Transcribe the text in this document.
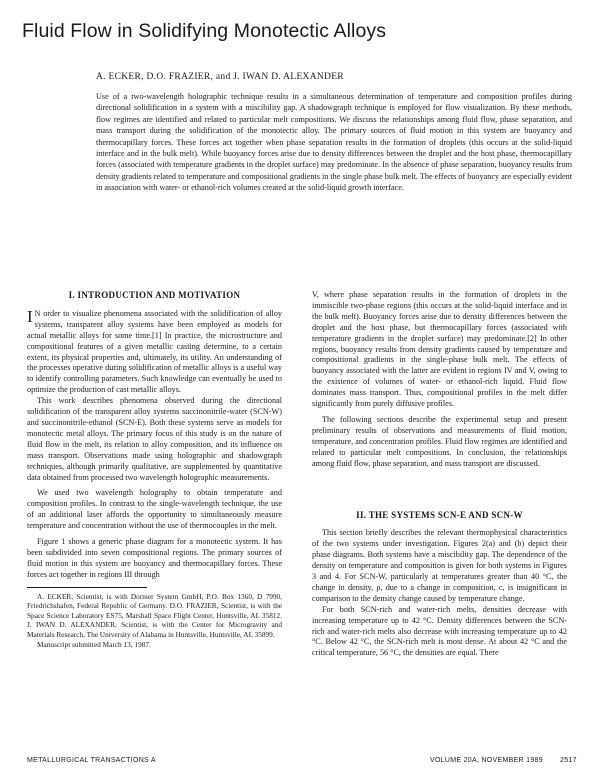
Fluid Flow in Solidifying Monotectic Alloys
A. ECKER, D.O. FRAZIER, and J. IWAN D. ALEXANDER

Use of a two-wavelength holographic technique results in a simultaneous determination of temperature and composition profiles during directional solidification in a system with a miscibility gap. A shadowgraph technique is employed for flow visualization. By these methods, flow regimes are identified and related to particular melt compositions. We discuss the relationships among fluid flow, phase separation, and mass transport during the solidification of the monotectic alloy. The primary sources of fluid motion in this system are buoyancy and thermocapillary forces. These forces act together when phase separation results in the formation of droplets (this occurs at the solid-liquid interface and in the bulk melt). While buoyancy forces arise due to density differences between the droplet and the host phase, thermocapillary forces (associated with temperature gradients in the droplet surface) may predominate. In the absence of phase separation, buoyancy results from density gradients related to temperature and compositional gradients in the single phase bulk melt. The effects of buoyancy are especially evident in association with water- or ethanol-rich volumes created at the solid-liquid growth interface.

I. INTRODUCTION AND MOTIVATION

I N order to visualize phenomena associated with the solidification of alloy systems, transparent alloy systems have been employed as models for actual metallic alloys for some time.[1] In practice, the microstructure and compositional features of a given metallic casting determine, to a certain extent, its physical properties and, ultimately, its utility. An understanding of the processes operative during solidification of metallic alloys is a useful way to identify controlling parameters. Such knowledge can eventually be used to optimize the production of cast metallic alloys.

This work describes phenomena observed during the directional solidification of the transparent alloy systems succinonitrile-water (SCN-W) and succinonitrile-ethanol (SCN-E). Both these systems serve as models for monotectic metal alloys. The primary focus of this study is on the nature of fluid flow in the melt, its relation to alloy composition, and its influence on mass transport. Observations made using holographic and shadowgraph techniques, although primarily qualitative, are supplemented by quantitative data obtained from processed two wavelength holographic measurements.

We used two wavelength holography to obtain temperature and composition profiles. In contrast to the single-wavelength technique, the use of an additional laser affords the opportunity to simultaneously measure temperature and concentration without the use of thermocouples in the melt.

Figure 1 shows a generic phase diagram for a monotectic system. It has been subdivided into seven compositional regions. The primary sources of fluid motion in this system are buoyancy and thermocapillary forces. These forces act together in regions III through

A. ECKER, Scientist, is with Dornier System GmbH, P.O. Box 1360, D 7990, Friedrichshafen, Federal Republic of Germany. D.O. FRAZIER, Scientist, is with the Space Science Laboratory ES75, Marshall Space Flight Center, Huntsville, AL 35812. J. IWAN D. ALEXANDER, Scientist, is with the Center for Microgravity and Materials Research, The University of Alabama in Huntsville, Huntsville, AL 35899.

Manuscript submitted March 13, 1987.

V, where phase separation results in the formation of droplets in the immiscible two-phase regions (this occurs at the solid-liquid interface and in the bulk melt). Buoyancy forces arise due to density differences between the droplet and the host phase, but thermocapillary forces (associated with temperature gradients in the droplet surface) may predominate.[2] In other regions, buoyancy results from density gradients caused by temperature and compositional gradients in the single-phase bulk melt. The effects of buoyancy associated with the latter are evident in regions IV and V, owing to the existence of volumes of water- or ethanol-rich liquid. Fluid flow dominates mass transport. Thus, compositional profiles in the melt differ significantly from purely diffusive profiles.

The following sections describe the experimental setup and present preliminary results of observations and measurements of fluid motion, temperature, and concentration profiles. Fluid flow regimes are identified and related to particular melt compositions. In conclusion, the relationships among fluid flow, phase separation, and mass transport are discussed.

II. THE SYSTEMS SCN-E AND SCN-W

This section briefly describes the relevant thermophysical characteristics of the two systems under investigation. Figures 2(a) and (b) depict their phase diagrams. Both systems have a miscibility gap. The dependence of the density on temperature and composition is given for both systems in Figures 3 and 4. For SCN-W, particularly at temperatures greater than 40 °C, the change in density, ρ, due to a change in composition, c, is insignificant in comparison to the density change caused by temperature change.

For both SCN-rich and water-rich melts, densities decrease with increasing temperature up to 42 °C. Density differences between the SCN-rich and water-rich melts also decrease with increasing temperature up to 42 °C. Below 42 °C, the SCN-rich melt is most dense. At about 42 °C and the critical temperature, 56 °C, the densities are equal. There

METALLURGICAL TRANSACTIONS A	VOLUME 20A, NOVEMBER 1989 2517
